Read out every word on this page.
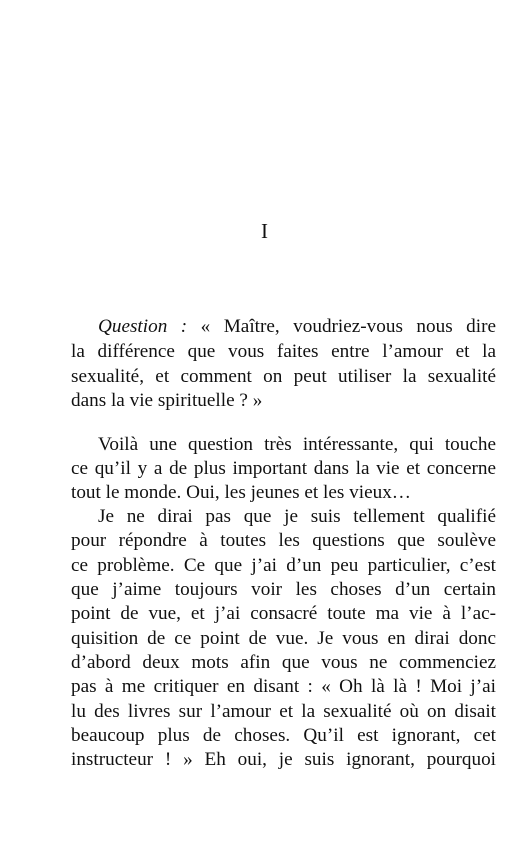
I
Question : « Maître, voudriez-vous nous dire
la différence que vous faites entre l’amour et la
sexualité, et comment on peut utiliser la sexualité
dans la vie spirituelle ? »
Voilà une question très intéressante, qui touche
ce qu’il y a de plus important dans la vie et concerne
tout le monde. Oui, les jeunes et les vieux…
Je ne dirai pas que je suis tellement qualifié
pour répondre à toutes les questions que soulève
ce problème. Ce que j’ai d’un peu particulier, c’est
que j’aime toujours voir les choses d’un certain
point de vue, et j’ai consacré toute ma vie à l’ac-
quisition de ce point de vue. Je vous en dirai donc
d’abord deux mots afin que vous ne commenciez
pas à me critiquer en disant : « Oh là là ! Moi j’ai
lu des livres sur l’amour et la sexualité où on disait
beaucoup plus de choses. Qu’il est ignorant, cet
instructeur ! » Eh oui, je suis ignorant, pourquoi
